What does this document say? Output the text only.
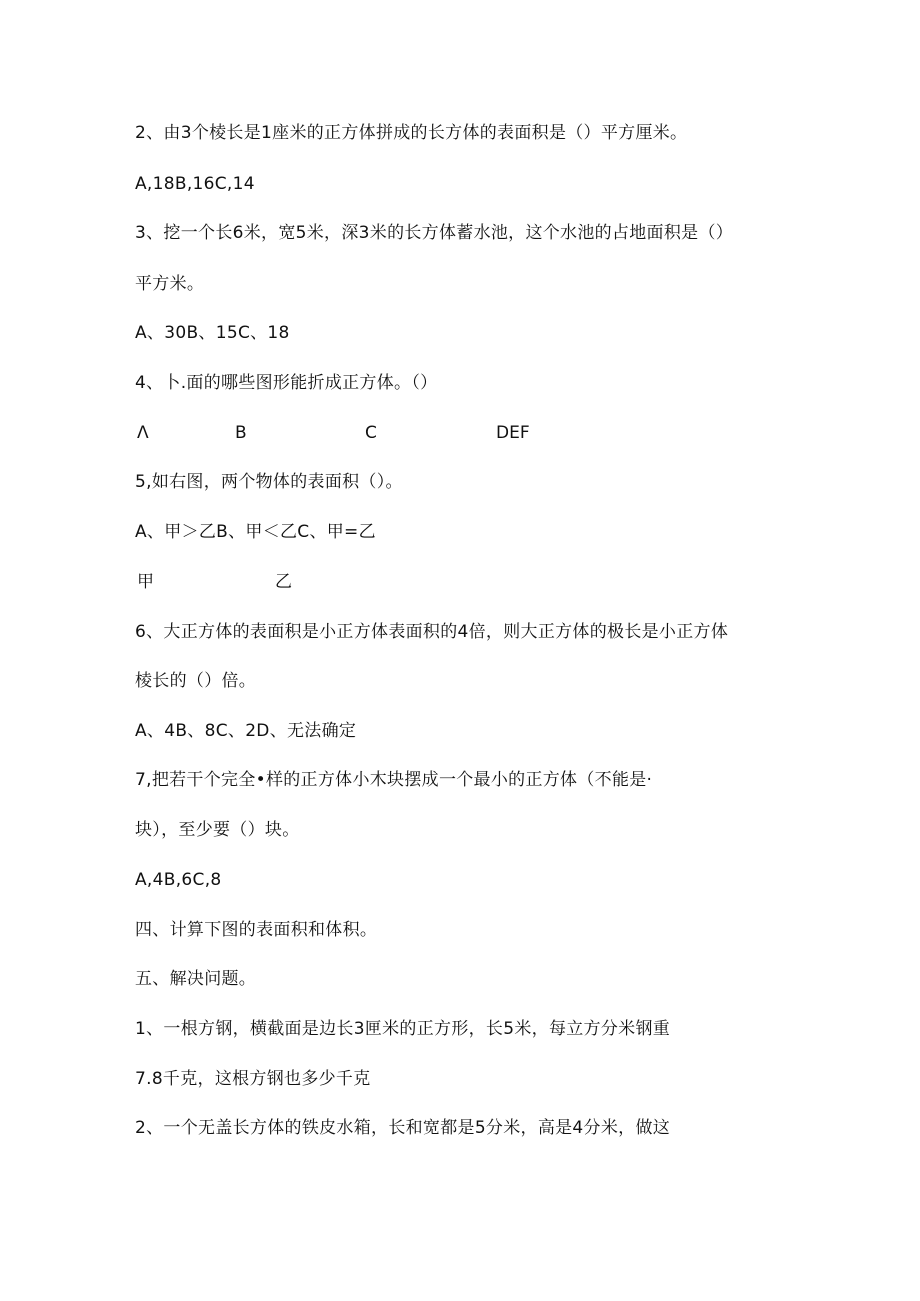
2、由3个棱长是1座米的正方体拼成的长方体的表面积是（）平方厘米。
A,18B,16C,14
3、挖一个长6米，宽5米，深3米的长方体蓄水池，这个水池的占地面积是（）
平方米。
A、30B、15C、18
4、卜.面的哪些图形能折成正方体。（）
Λ	B	C	DEF
5,如右图，两个物体的表面积（）。
A、甲＞乙B、甲＜乙C、甲=乙
甲	乙
6、大正方体的表面积是小正方体表面积的4倍，则大正方体的极长是小正方体
棱长的（）倍。
A、4B、8C、2D、无法确定
7,把若干个完全•样的正方体小木块摆成一个最小的正方体（不能是·
块），至少要（）块。
A,4B,6C,8
四、计算下图的表面积和体积。
五、解决问题。
1、一根方钢，横截面是边长3匣米的正方形，长5米，每立方分米钢重
7.8千克，这根方钢也多少千克
2、一个无盖长方体的铁皮水箱，长和宽都是5分米，高是4分米，做这
